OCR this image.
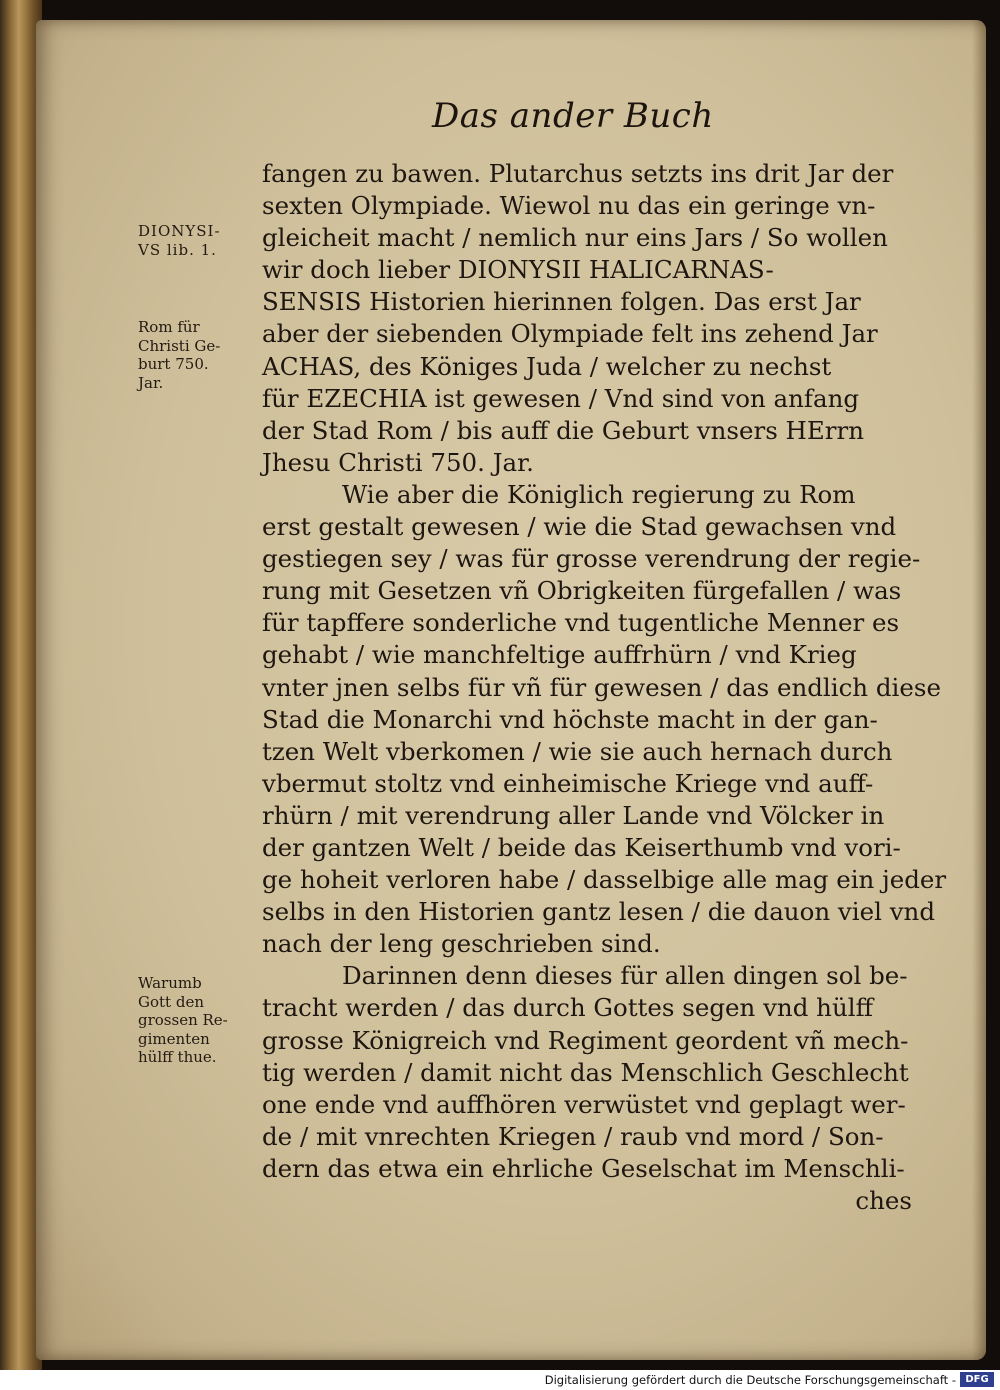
Das ander Buch
DIONYSI-
VS lib. 1.
Rom für
Christi Ge-
burt 750.
Jar.
Warumb
Gott den
grossen Re-
gimenten
hülff thue.
fangen zu bawen. Plutarchus setzts ins drit Jar der
sexten Olympiade. Wiewol nu das ein geringe vn-
gleicheit macht / nemlich nur eins Jars / So wollen
wir doch lieber DIONYSII HALICARNAS-
SENSIS Historien hierinnen folgen. Das erst Jar
aber der siebenden Olympiade felt ins zehend Jar
ACHAS, des Königes Juda / welcher zu nechst
für EZECHIA ist gewesen / Vnd sind von anfang
der Stad Rom / bis auff die Geburt vnsers HErrn
Jhesu Christi 750. Jar.
Wie aber die Königlich regierung zu Rom
erst gestalt gewesen / wie die Stad gewachsen vnd
gestiegen sey / was für grosse verendrung der regie-
rung mit Gesetzen vñ Obrigkeiten fürgefallen / was
für tapffere sonderliche vnd tugentliche Menner es
gehabt / wie manchfeltige auffrhürn / vnd Krieg
vnter jnen selbs für vñ für gewesen / das endlich diese
Stad die Monarchi vnd höchste macht in der gan-
tzen Welt vberkomen / wie sie auch hernach durch
vbermut stoltz vnd einheimische Kriege vnd auff-
rhürn / mit verendrung aller Lande vnd Völcker in
der gantzen Welt / beide das Keiserthumb vnd vori-
ge hoheit verloren habe / dasselbige alle mag ein jeder
selbs in den Historien gantz lesen / die dauon viel vnd
nach der leng geschrieben sind.
Darinnen denn dieses für allen dingen sol be-
tracht werden / das durch Gottes segen vnd hülff
grosse Königreich vnd Regiment geordent vñ mech-
tig werden / damit nicht das Menschlich Geschlecht
one ende vnd auffhören verwüstet vnd geplagt wer-
de / mit vnrechten Kriegen / raub vnd mord / Son-
dern das etwa ein ehrliche Geselschat im Menschli-
ches
Digitalisierung gefördert durch die Deutsche Forschungsgemeinschaft - DFG
